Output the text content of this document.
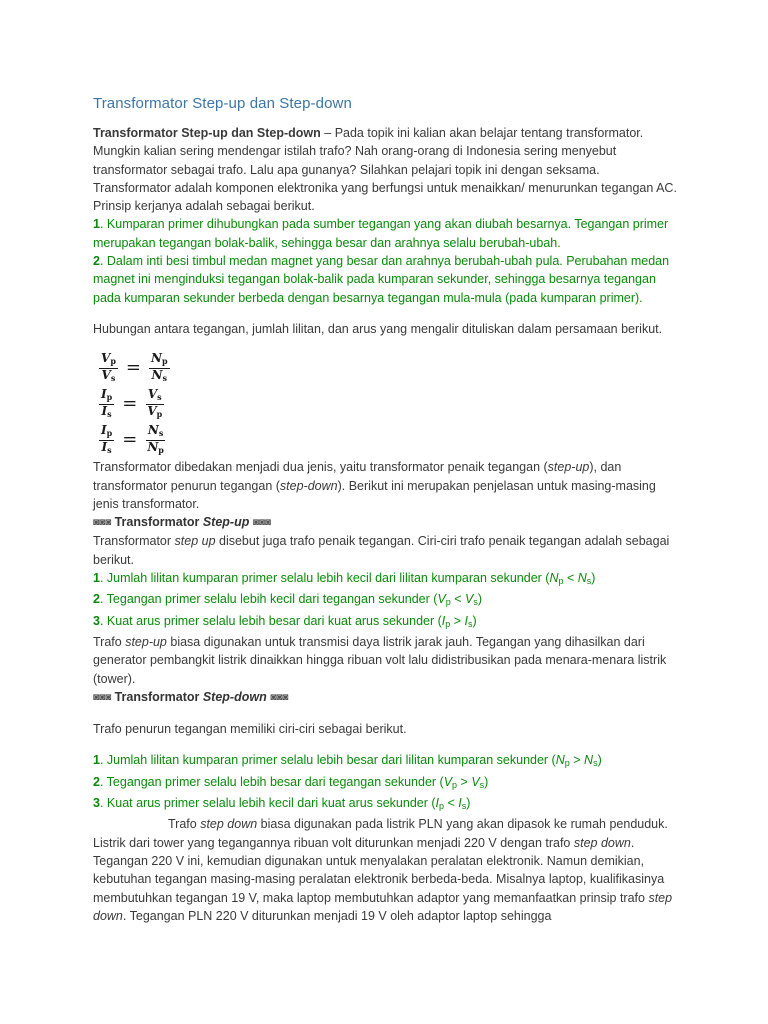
Transformator Step-up dan Step-down

Transformator Step-up dan Step-down – Pada topik ini kalian akan belajar tentang transformator. Mungkin kalian sering mendengar istilah trafo? Nah orang-orang di Indonesia sering menyebut transformator sebagai trafo. Lalu apa gunanya? Silahkan pelajari topik ini dengan seksama. Transformator adalah komponen elektronika yang berfungsi untuk menaikkan/ menurunkan tegangan AC. Prinsip kerjanya adalah sebagai berikut.

1. Kumparan primer dihubungkan pada sumber tegangan yang akan diubah besarnya. Tegangan primer merupakan tegangan bolak-balik, sehingga besar dan arahnya selalu berubah-ubah.

2. Dalam inti besi timbul medan magnet yang besar dan arahnya berubah-ubah pula. Perubahan medan magnet ini menginduksi tegangan bolak-balik pada kumparan sekunder, sehingga besarnya tegangan pada kumparan sekunder berbeda dengan besarnya tegangan mula-mula (pada kumparan primer).

Hubungan antara tegangan, jumlah lilitan, dan arus yang mengalir dituliskan dalam persamaan berikut.

$\frac{V_p}{V_s} = \frac{N_p}{N_s}$
$\frac{I_p}{I_s} = \frac{V_s}{V_p}$
$\frac{I_p}{I_s} = \frac{N_s}{N_p}$

Transformator dibedakan menjadi dua jenis, yaitu transformator penaik tegangan (step-up), dan transformator penurun tegangan (step-down). Berikut ini merupakan penjelasan untuk masing-masing jenis transformator.

◙◙◙ Transformator Step-up ◙◙◙

Transformator step up disebut juga trafo penaik tegangan. Ciri-ciri trafo penaik tegangan adalah sebagai berikut.

1. Jumlah lilitan kumparan primer selalu lebih kecil dari lilitan kumparan sekunder (Np < Ns)

2. Tegangan primer selalu lebih kecil dari tegangan sekunder (Vp < Vs)

3. Kuat arus primer selalu lebih besar dari kuat arus sekunder (Ip > Is)

Trafo step-up biasa digunakan untuk transmisi daya listrik jarak jauh. Tegangan yang dihasilkan dari generator pembangkit listrik dinaikkan hingga ribuan volt lalu didistribusikan pada menara-menara listrik (tower).

◙◙◙ Transformator Step-down ◙◙◙

Trafo penurun tegangan memiliki ciri-ciri sebagai berikut.

1. Jumlah lilitan kumparan primer selalu lebih besar dari lilitan kumparan sekunder (Np > Ns)

2. Tegangan primer selalu lebih besar dari tegangan sekunder (Vp > Vs)

3. Kuat arus primer selalu lebih kecil dari kuat arus sekunder (Ip < Is)

Trafo step down biasa digunakan pada listrik PLN yang akan dipasok ke rumah penduduk. Listrik dari tower yang tegangannya ribuan volt diturunkan menjadi 220 V dengan trafo step down. Tegangan 220 V ini, kemudian digunakan untuk menyalakan peralatan elektronik. Namun demikian, kebutuhan tegangan masing-masing peralatan elektronik berbeda-beda. Misalnya laptop, kualifikasinya membutuhkan tegangan 19 V, maka laptop membutuhkan adaptor yang memanfaatkan prinsip trafo step down. Tegangan PLN 220 V diturunkan menjadi 19 V oleh adaptor laptop sehingga
